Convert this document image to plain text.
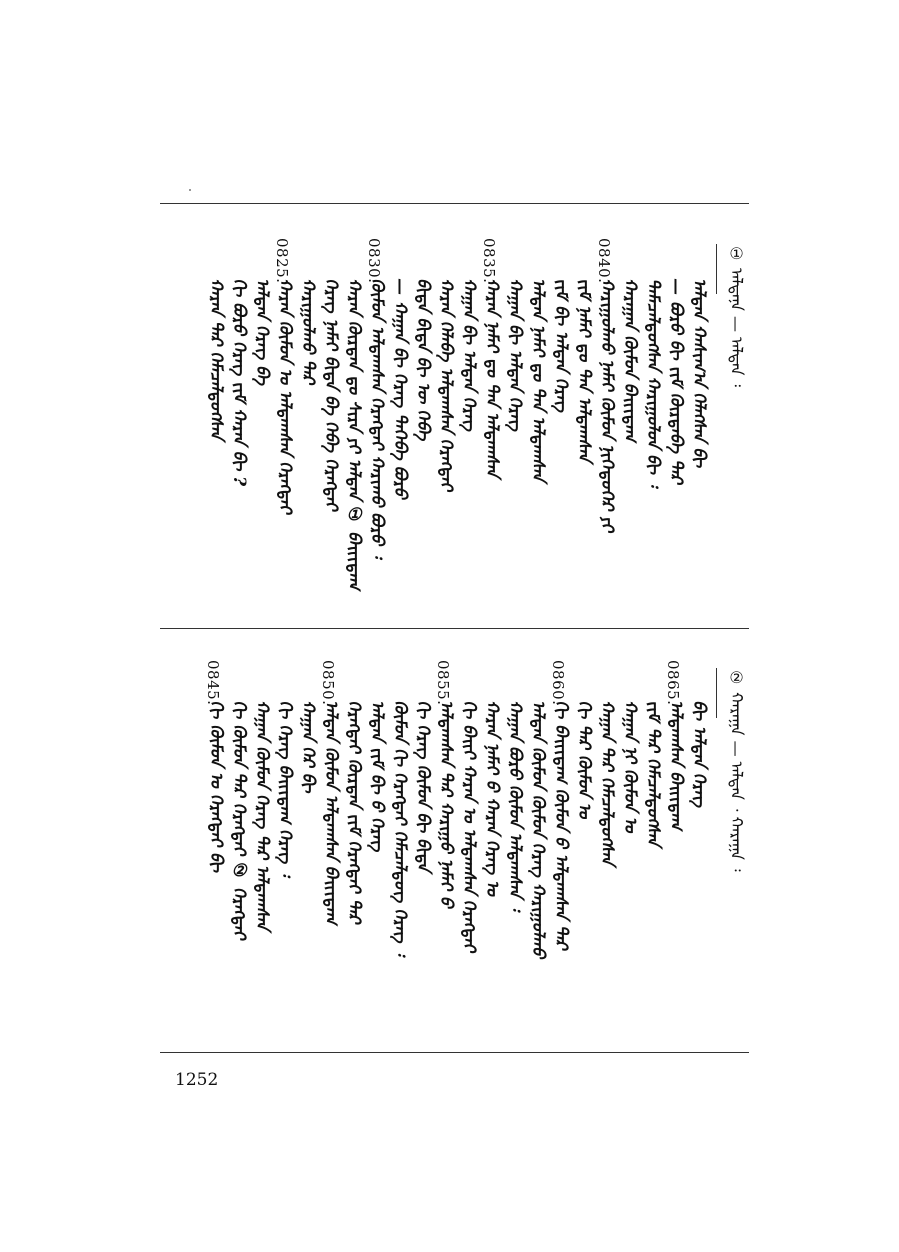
① ᠠᠯᠲᠠᠨᠠ — ᠠᠯᠲᠠᠨ ᠄
ᠠᠯᠲᠠᠨ ᠬᠠᠰᠢᠭ᠎ᠠ ᠬᠡᠯᠡᠭᠰᠡᠨ ᠪᠢ
— ᠪᠣᠷᠣ ᠪᠢ ᠵᠢᠮ ᠬᠦᠷᠳᠡᠪᠡ ᠲᠡᠷ
ᠲᠡᠮᠡᠴᠡᠯᠳᠦᠭᠰᠡᠨ ᠬᠠᠷᠢᠭᠤᠯᠤᠨ ᠪᠢ ᠄
ᠬᠠᠷᠠᠭᠠᠨ ᠬᠦᠮᠦᠨ ᠪᠠᠢᠢᠳᠠᠭ
0840.
ᠬᠠᠷᠢᠭᠤᠯᠬᠤ ᠨᠠᠮᠠᠢ ᠬᠦᠮᠦᠨ ᠨᠢᠭᠡᠳᠦᠭᠡᠷ ᠶᠢ
ᠵᠢᠮ ᠨᠠᠮᠠᠢ ᠳᠤ ᠲᠠᠨ ᠠᠯᠳᠠᠭᠰᠠᠨ
ᠵᠢᠮ ᠪᠢ ᠠᠯᠲᠠᠨ ᠬᠡᠷᠡᠭ
ᠠᠯᠲᠠᠨ ᠨᠠᠮᠠᠢ ᠳᠤ ᠲᠠᠨ ᠠᠯᠳᠠᠭᠰᠠᠨ
ᠬᠠᠭᠠᠨ ᠪᠢ ᠠᠯᠲᠠᠨ ᠬᠡᠷᠡᠭ
0835.
ᠬᠠᠷᠠᠨ ᠨᠠᠮᠠᠢ ᠳᠤ ᠲᠠᠨ ᠠᠯᠳᠠᠭᠰᠠᠨ
ᠬᠠᠭᠠᠨ ᠪᠢ ᠠᠯᠲᠠᠨ ᠬᠡᠷᠡᠭ
ᠬᠠᠷᠠᠨ ᠬᠡᠯᠡᠪᠡ ᠠᠯᠳᠠᠭᠰᠠᠨ ᠬᠡᠷᠡᠭᠲᠡᠢ
ᠪᠢᠳᠡ ᠪᠢᠳᠡ ᠪᠢ ᠦ ᠭᠡᠪᠡ
— ᠬᠠᠭᠠᠨ ᠪᠢ ᠬᠡᠷᠡᠭ ᠲᠡᠭᠡᠪᠡ ᠪᠣᠷᠣ
0830.
ᠬᠦᠮᠦᠨ ᠠᠯᠳᠠᠭᠰᠠᠨ ᠬᠡᠷᠡᠭᠲᠡᠢ ᠬᠠᠷᠢᠬᠤ ᠪᠣᠷᠣ ᠄
ᠬᠠᠷᠠᠨ ᠬᠦᠷᠳᠡᠨ ᠳᠤ ᠰᠢᠷᠡ ᠶᠢ ᠠᠯᠲᠠᠨ ① ᠪᠠᠢᠢᠳᠠᠭ
ᠬᠡᠷᠡᠭ ᠨᠠᠮᠠᠢ ᠪᠢᠳᠡ ᠪᠠ ᠬᠡᠪᠡ ᠬᠡᠷᠡᠭᠲᠡᠢ
ᠬᠠᠷᠢᠭᠤᠯᠬᠤ ᠲᠡᠷ
0825.
ᠬᠠᠷᠠᠨ ᠬᠦᠮᠦᠨ ᠤ ᠠᠯᠳᠠᠭᠰᠠᠨ ᠬᠡᠷᠡᠭᠲᠡᠢ
ᠠᠯᠲᠠᠨ ᠬᠡᠷᠡᠭ ᠪᠠ
ᠬᠢ ᠪᠣᠷᠣ ᠬᠡᠷᠡᠭ ᠵᠢᠮ ᠬᠠᠷᠠᠨ ᠪᠢ ?
ᠬᠠᠷᠠᠨ ᠲᠡᠷ ᠬᠡᠮᠡᠴᠡᠯᠳᠦᠭᠰᠡᠨ
② ᠬᠠᠷᠠᠭᠠ — ᠠᠯᠲᠠᠨ ᠂ ᠬᠠᠷᠠᠭᠠ ᠄
ᠪᠢ ᠠᠯᠲᠠᠨ ᠬᠡᠷᠡᠭ
0865.
ᠠᠯᠳᠠᠭᠰᠠᠨ ᠪᠠᠢᠢᠳᠠᠭ
ᠵᠢᠮ ᠲᠡᠷ ᠬᠡᠮᠡᠴᠡᠯᠳᠦᠭᠰᠡᠨ
ᠬᠠᠭᠠᠨ ᠨᠢ ᠬᠦᠮᠦᠨ ᠤ
ᠬᠠᠭᠠᠨ ᠲᠡᠷ ᠬᠡᠮᠡᠴᠡᠯᠳᠦᠭᠰᠡᠨ
ᠬᠢ ᠲᠡᠷ ᠬᠦᠮᠦᠨ ᠤ
0860.
ᠬᠢ ᠪᠠᠢᠢᠳᠠᠭ ᠬᠦᠮᠦᠨ ᠪ ᠠᠯᠳᠠᠭᠰᠠᠨ ᠲᠡᠷ
ᠠᠯᠲᠠᠨ ᠬᠦᠮᠦᠨ ᠬᠦᠮᠦᠨ ᠬᠡᠷᠡᠭ ᠬᠠᠷᠢᠭᠤᠯᠬᠤ
ᠬᠠᠭᠠᠨ ᠪᠣᠷᠣ ᠬᠦᠮᠦᠨ ᠠᠯᠳᠠᠭᠰᠠᠨ ᠄
ᠬᠠᠷᠠᠨ ᠨᠠᠮᠠᠢ ᠪ ᠬᠠᠷᠠᠨ ᠬᠡᠷᠡᠭ ᠤ
ᠬᠢ ᠪᠠᠢᠢ ᠬᠠᠷᠠᠨ ᠤ ᠠᠯᠳᠠᠭᠰᠠᠨ ᠬᠡᠷᠡᠭᠲᠡᠢ
0855.
ᠠᠯᠳᠠᠭᠰᠠᠨ ᠲᠡᠷ ᠬᠠᠷᠢᠭᠤ ᠨᠠᠮᠠᠢ ᠪ
ᠬᠢ ᠬᠡᠷᠡᠭ ᠬᠦᠮᠦᠨ ᠪᠢ ᠪᠢᠳᠡ
ᠬᠦᠮᠦᠨ ᠬᠢ ᠬᠡᠷᠡᠭᠲᠡᠢ ᠬᠡᠮᠡᠴᠡᠯᠳᠦᠭ ᠬᠡᠷᠡᠭ ᠄
ᠠᠯᠲᠠᠨ ᠵᠢᠮ ᠪᠢ ᠪ ᠬᠡᠷᠡᠭ
ᠬᠡᠷᠡᠭᠲᠡᠢ ᠬᠦᠷᠳᠡᠨ ᠵᠢᠮ ᠬᠡᠷᠡᠭᠲᠡᠢ ᠲᠡᠷ
0850.
ᠠᠯᠲᠠᠨ ᠬᠦᠮᠦᠨ ᠠᠯᠳᠠᠭᠰᠠᠨ ᠪᠠᠢᠢᠳᠠᠭ
ᠬᠠᠭᠠᠨ ᠬᠡᠷ ᠪᠢ
ᠬᠢ ᠬᠡᠷᠡᠭ ᠪᠠᠢᠢᠳᠠᠭ ᠬᠡᠷᠡᠭ ᠄
ᠬᠠᠭᠠᠨ ᠬᠦᠮᠦᠨ ᠬᠡᠷᠡᠭ ᠲᠡᠷ ᠠᠯᠳᠠᠭᠰᠠᠨ
ᠬᠢ ᠬᠦᠮᠦᠨ ᠲᠡᠷ ᠬᠡᠷᠡᠭᠲᠡᠢ ② ᠬᠡᠷᠡᠭᠲᠡᠢ
0845.
ᠬᠢ ᠬᠦᠮᠦᠨ ᠤ ᠬᠡᠷᠡᠭᠲᠡᠢ ᠪᠢ
1252
